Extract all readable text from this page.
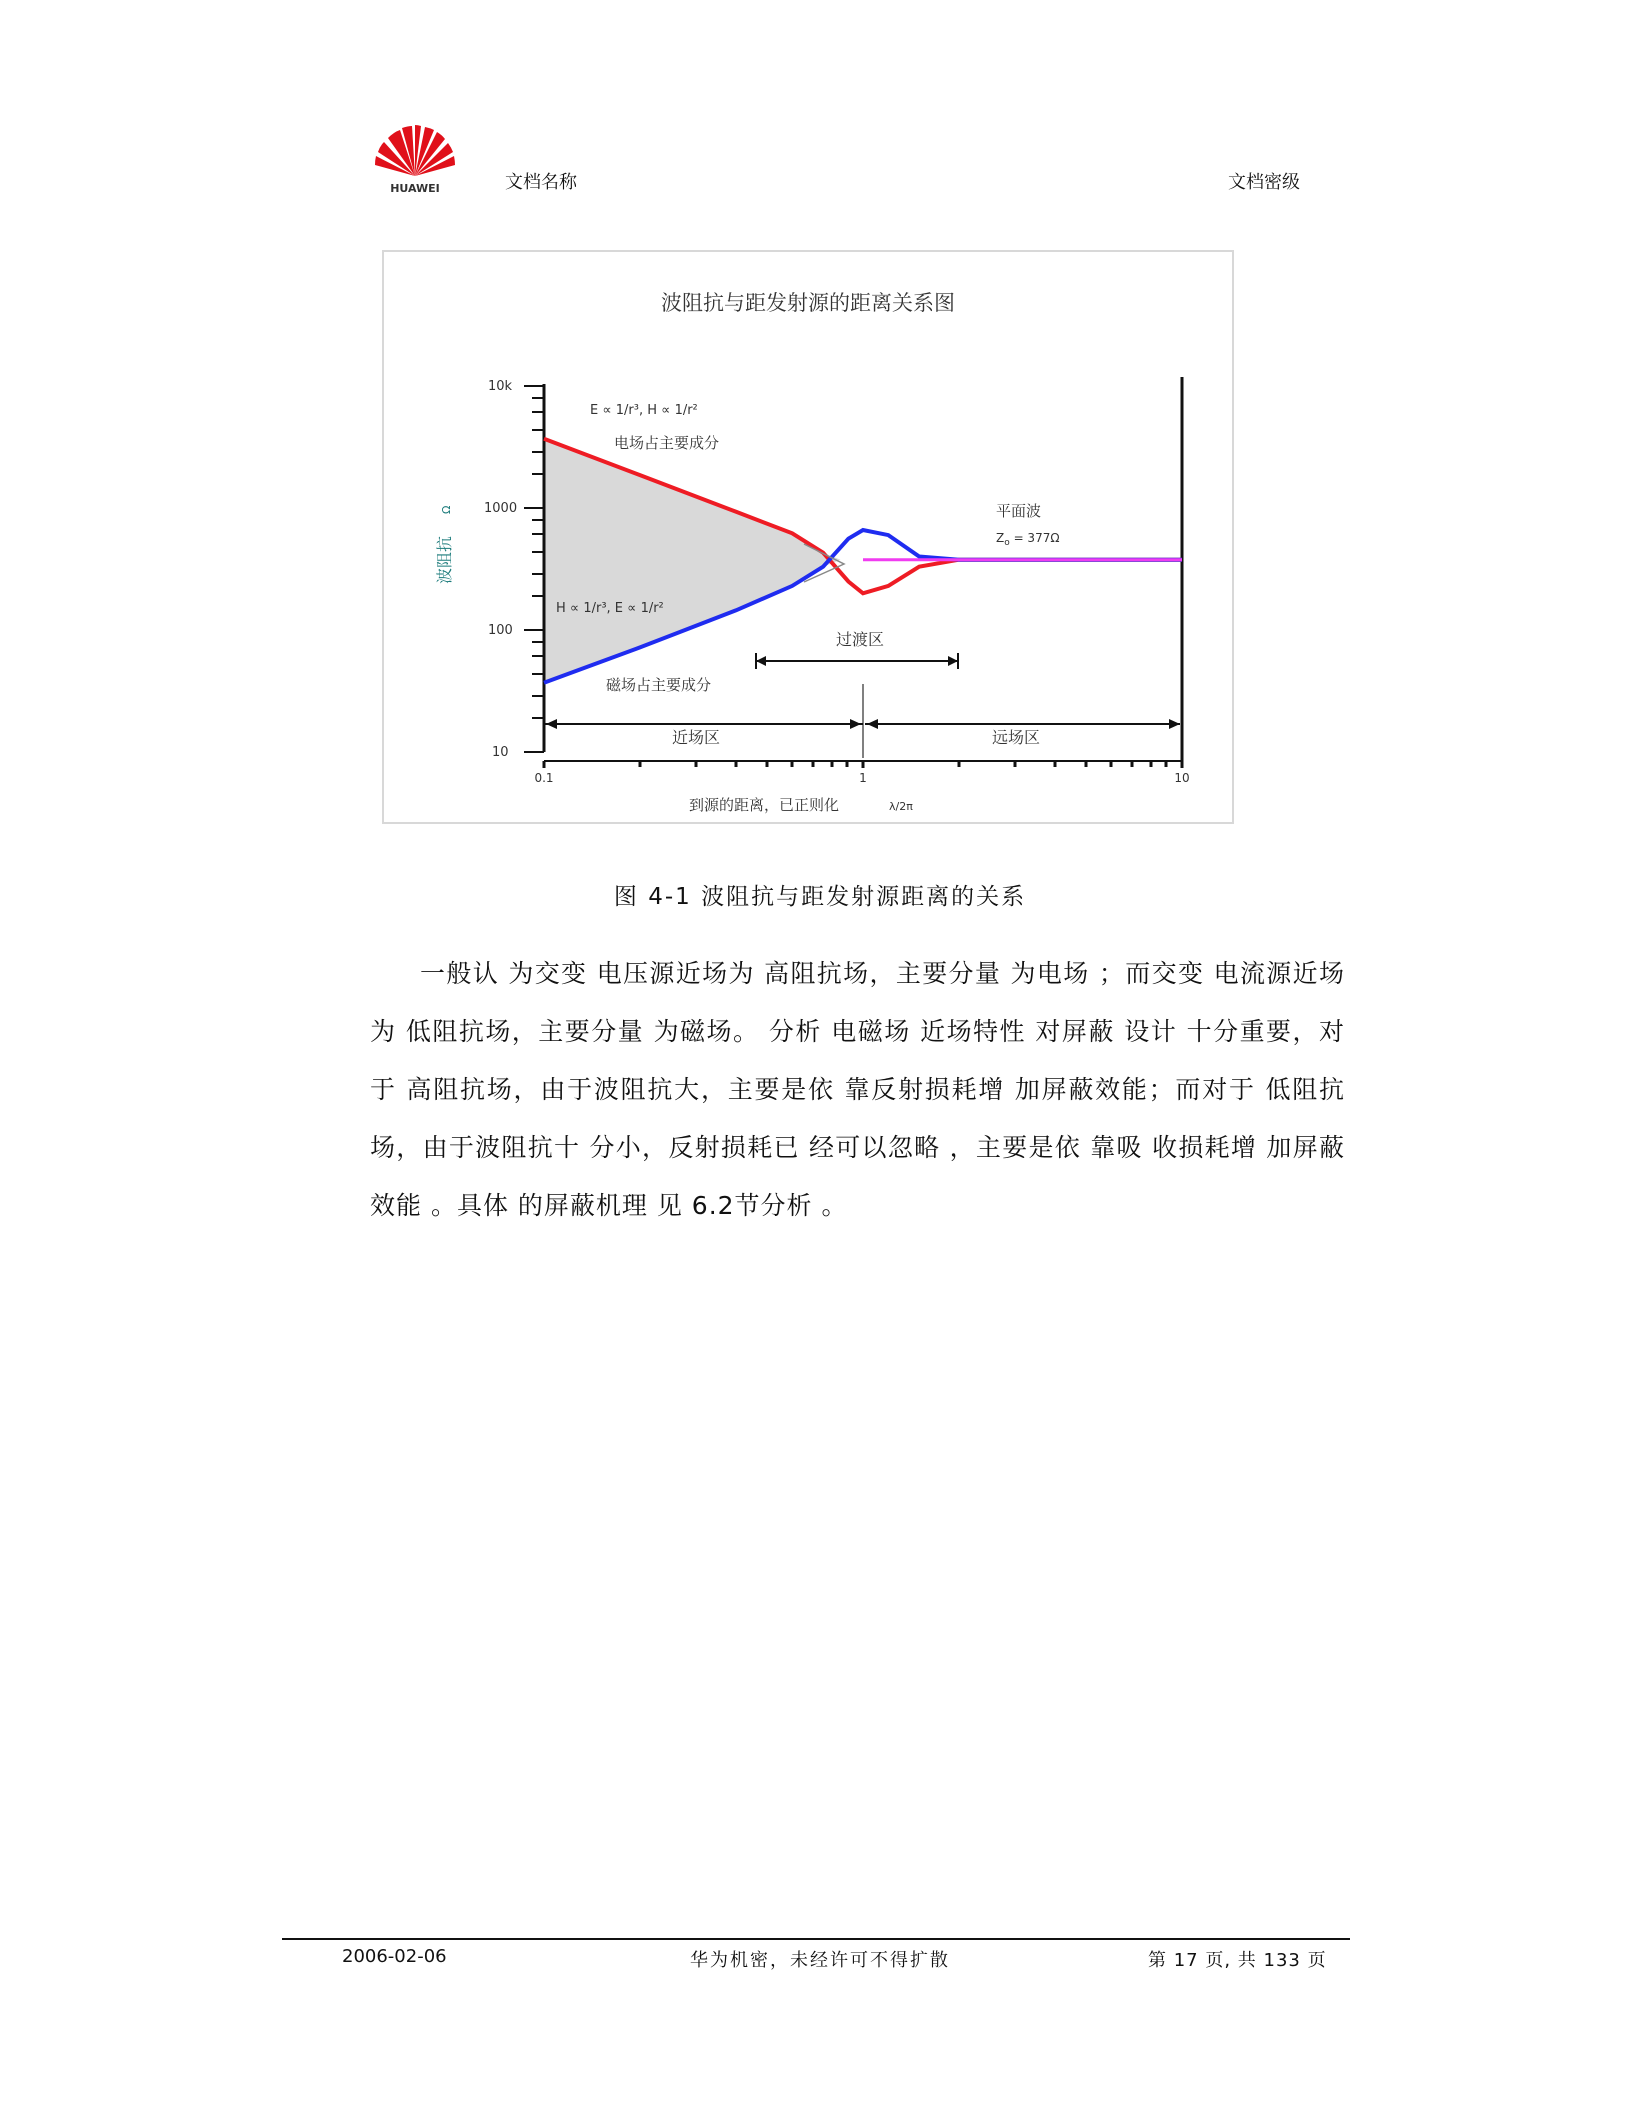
HUAWEI	文档名称	文档密级
波阻抗与距发射源的距离关系图
10k
1000
100
10
波阻抗
Ω
0.1	1	10
到源的距离，已正则化	λ/2π
E ∝ 1/r³, H ∝ 1/r²
电场占主要成分
H ∝ 1/r³, E ∝ 1/r²
磁场占主要成分
平面波
$Z_o = 377\Omega$
过渡区
近场区	远场区
图 4-1 波阻抗与距发射源距离的关系

一般认 为交变 电压源近场为 高阻抗场，主要分量 为电场 ；而交变 电流源近场为 低阻抗场，主要分量 为磁场。 分析 电磁场 近场特性 对屏蔽 设计 十分重要，对于 高阻抗场，由于波阻抗大，主要是依 靠反射损耗增 加屏蔽效能；而对于 低阻抗场，由于波阻抗十 分小，反射损耗已 经可以忽略 ，主要是依 靠吸 收损耗增 加屏蔽效能 。具体 的屏蔽机理 见 6.2节分析 。

2006-02-06	华为机密，未经许可不得扩散	第 17 页, 共 133 页
